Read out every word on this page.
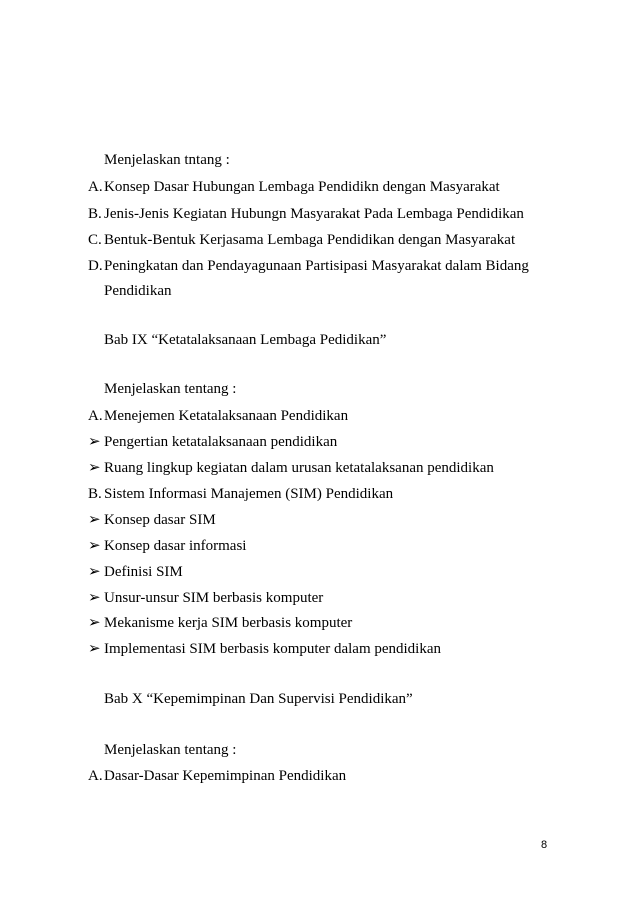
Menjelaskan tntang :
A. Konsep Dasar Hubungan Lembaga Pendidikn dengan Masyarakat
B. Jenis-Jenis Kegiatan Hubungn Masyarakat Pada Lembaga Pendidikan
C. Bentuk-Bentuk Kerjasama Lembaga Pendidikan dengan Masyarakat
D. Peningkatan dan Pendayagunaan Partisipasi Masyarakat dalam Bidang
Pendidikan
Bab IX “Ketatalaksanaan Lembaga Pedidikan”
Menjelaskan tentang :
A. Menejemen Ketatalaksanaan Pendidikan
➢ Pengertian ketatalaksanaan pendidikan
➢ Ruang lingkup kegiatan dalam urusan ketatalaksanan pendidikan
B. Sistem Informasi Manajemen (SIM) Pendidikan
➢ Konsep dasar SIM
➢ Konsep dasar informasi
➢ Definisi SIM
➢ Unsur-unsur SIM berbasis komputer
➢ Mekanisme kerja SIM berbasis komputer
➢ Implementasi SIM berbasis komputer dalam pendidikan
Bab X “Kepemimpinan Dan Supervisi Pendidikan”
Menjelaskan tentang :
A. Dasar-Dasar Kepemimpinan Pendidikan
8
